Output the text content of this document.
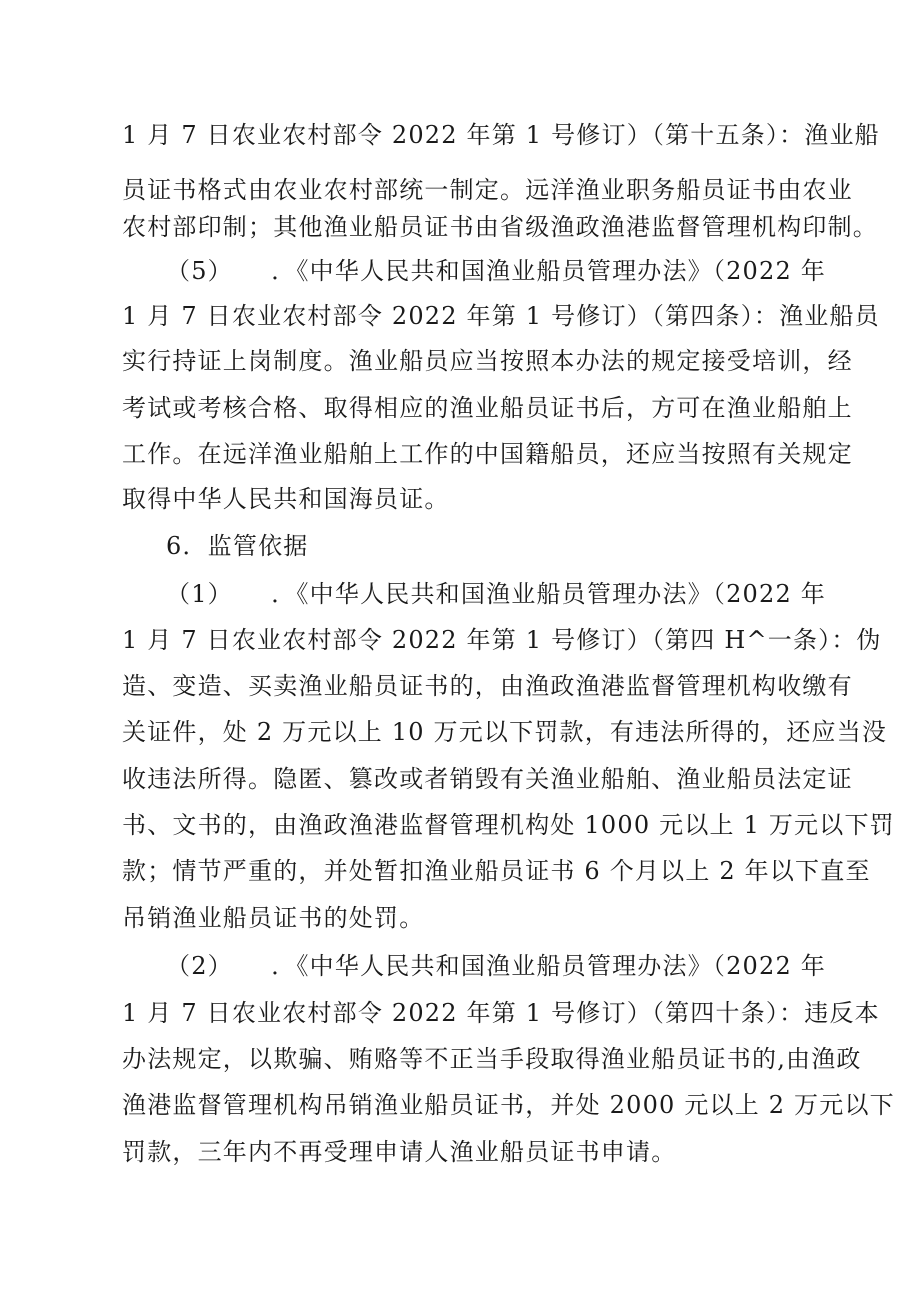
1 月 7 日农业农村部令 2022 年第 1 号修订）（第十五条）：渔业船
员证书格式由农业农村部统一制定。远洋渔业职务船员证书由农业
农村部印制；其他渔业船员证书由省级渔政渔港监督管理机构印制。
（5）　　．《中华人民共和国渔业船员管理办法》（2022 年
1 月 7 日农业农村部令 2022 年第 1 号修订）（第四条）：渔业船员
实行持证上岗制度。渔业船员应当按照本办法的规定接受培训，经
考试或考核合格、取得相应的渔业船员证书后，方可在渔业船舶上
工作。在远洋渔业船舶上工作的中国籍船员，还应当按照有关规定
取得中华人民共和国海员证。
6．监管依据
（1）　　．《中华人民共和国渔业船员管理办法》（2022 年
1 月 7 日农业农村部令 2022 年第 1 号修订）（第四 H^一条）：伪
造、变造、买卖渔业船员证书的，由渔政渔港监督管理机构收缴有
关证件，处 2 万元以上 10 万元以下罚款，有违法所得的，还应当没
收违法所得。隐匿、篡改或者销毁有关渔业船舶、渔业船员法定证
书、文书的，由渔政渔港监督管理机构处 1000 元以上 1 万元以下罚
款；情节严重的，并处暂扣渔业船员证书 6 个月以上 2 年以下直至
吊销渔业船员证书的处罚。
（2）　　．《中华人民共和国渔业船员管理办法》（2022 年
1 月 7 日农业农村部令 2022 年第 1 号修订）（第四十条）：违反本
办法规定，以欺骗、贿赂等不正当手段取得渔业船员证书的,由渔政
渔港监督管理机构吊销渔业船员证书，并处 2000 元以上 2 万元以下
罚款，三年内不再受理申请人渔业船员证书申请。
